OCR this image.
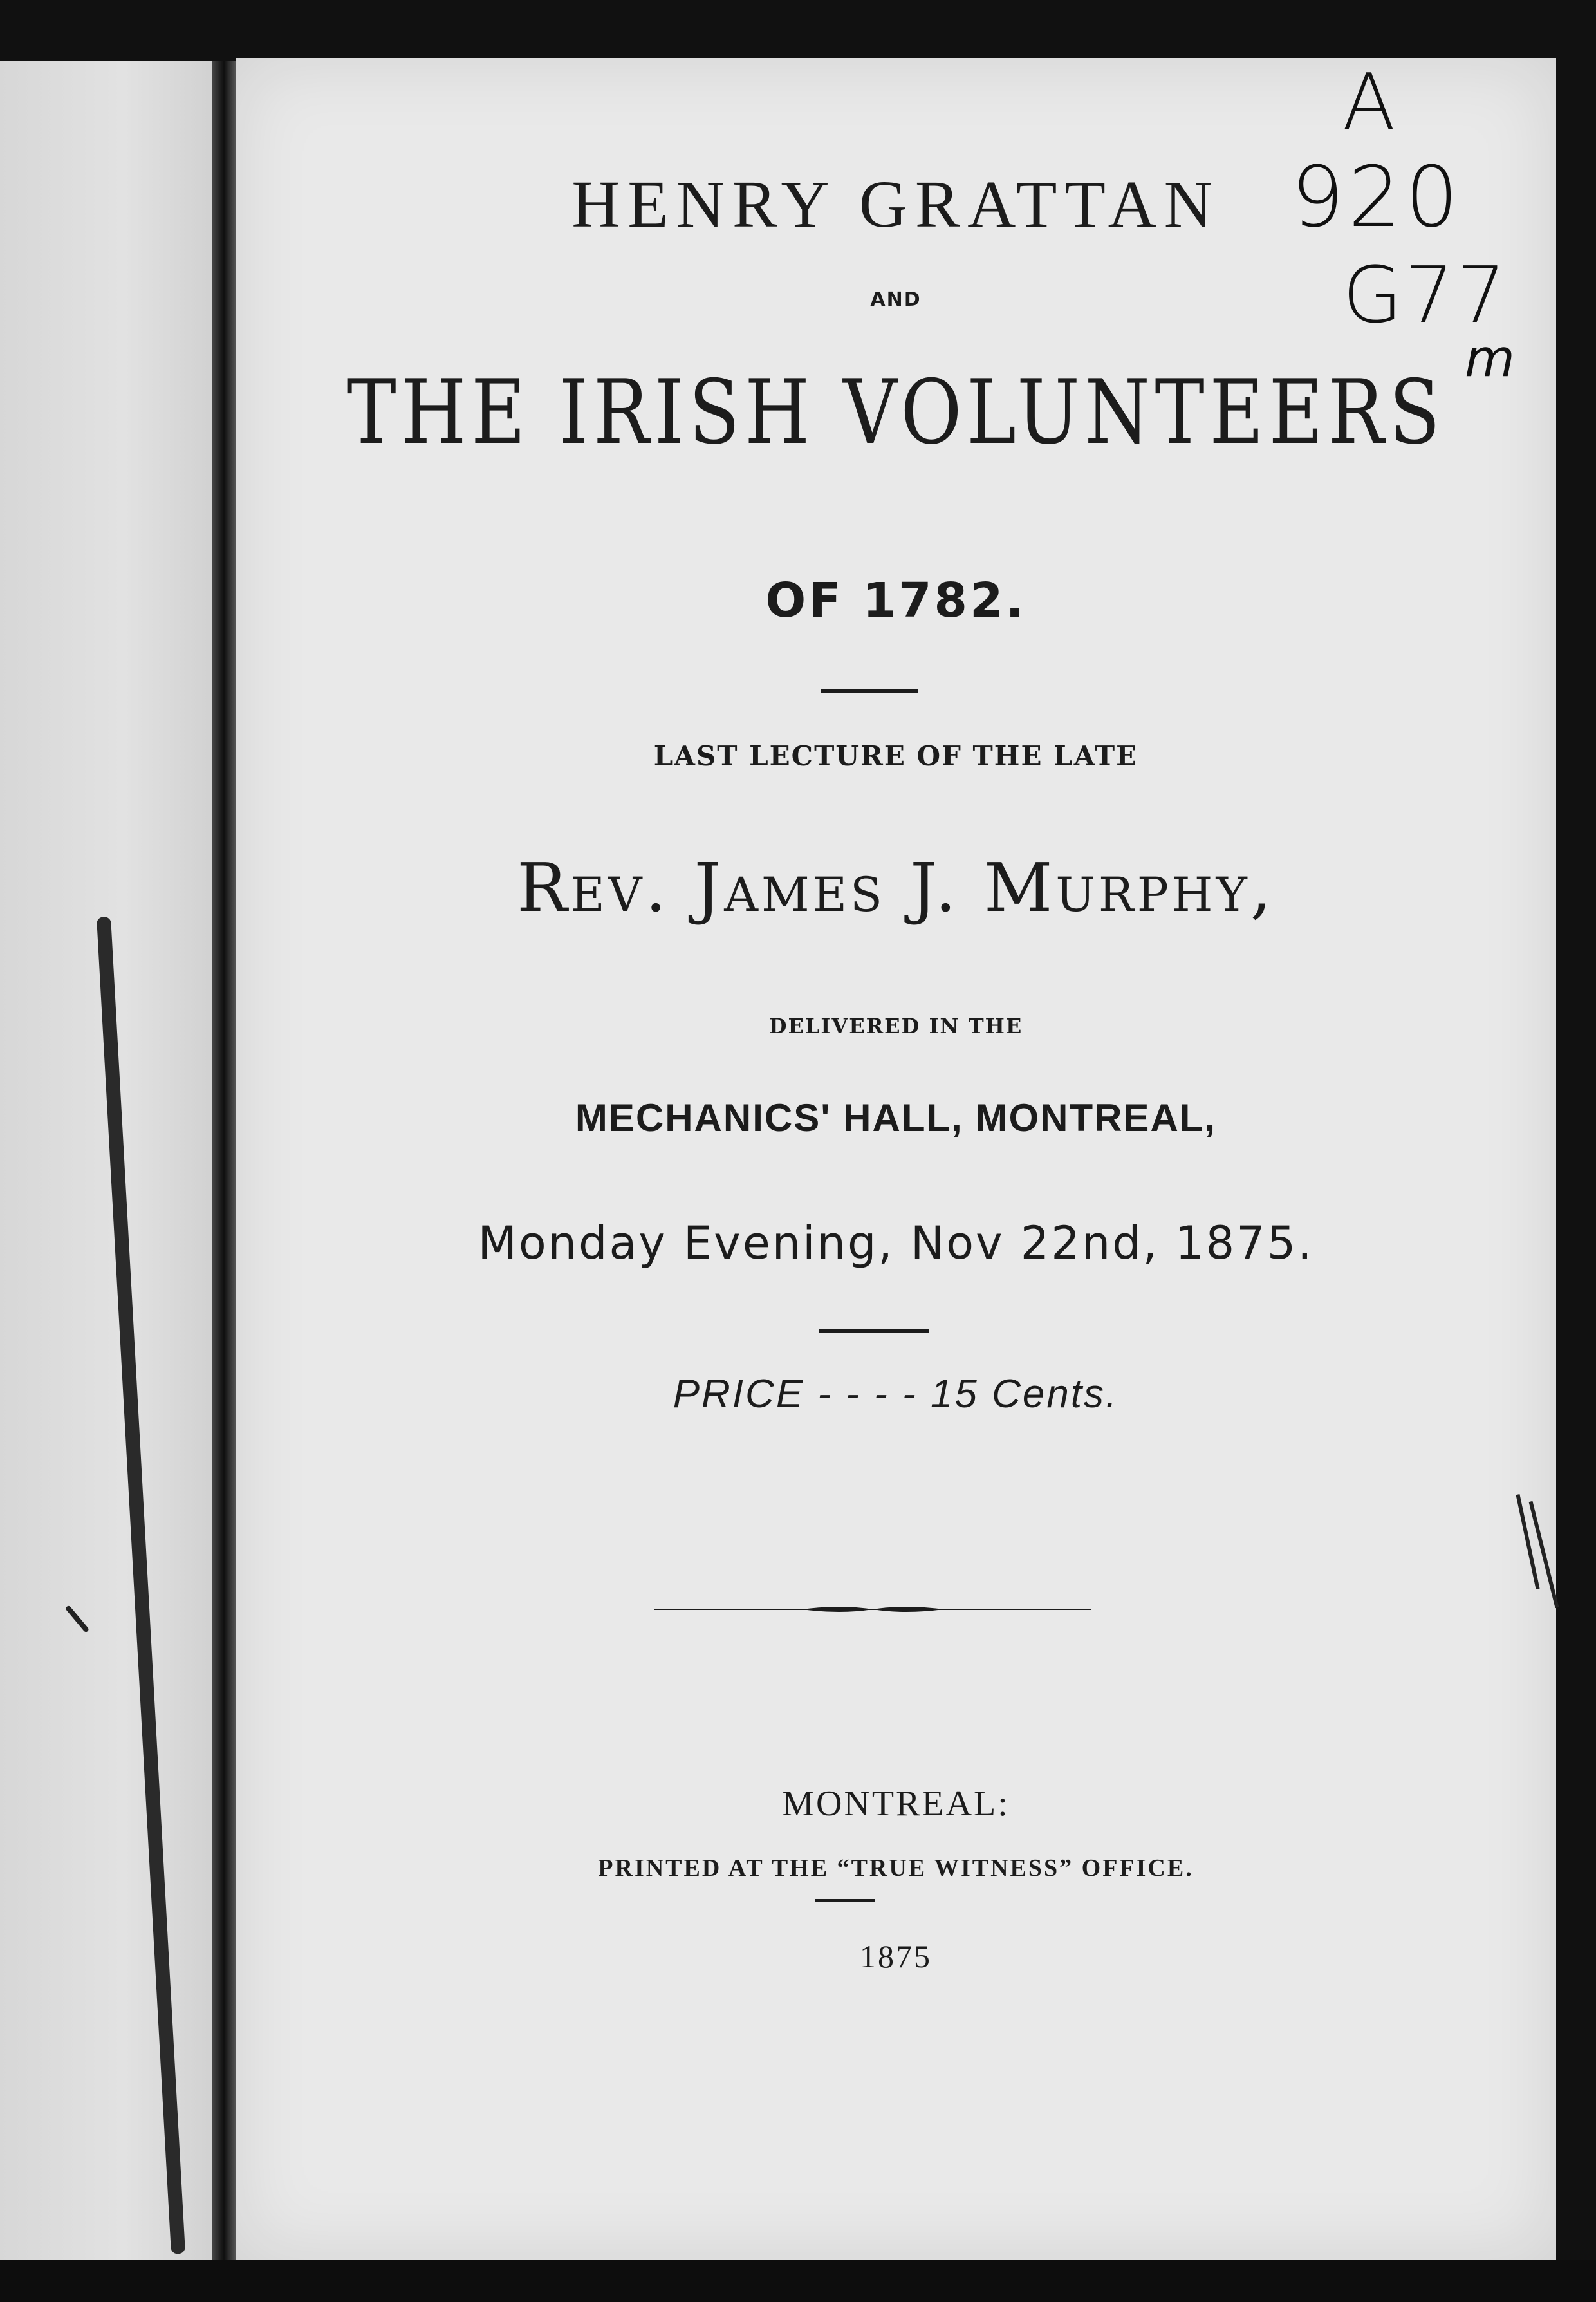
HENRY GRATTAN
AND
THE IRISH VOLUNTEERS
OF 1782.
LAST LECTURE OF THE LATE
Rev. James J. Murphy,
DELIVERED IN THE
MECHANICS' HALL, MONTREAL,
Monday Evening, Nov 22nd, 1875.
PRICE - - - - 15 Cents.
MONTREAL:
PRINTED AT THE “TRUE WITNESS” OFFICE.
1875
A
920
G77
m
